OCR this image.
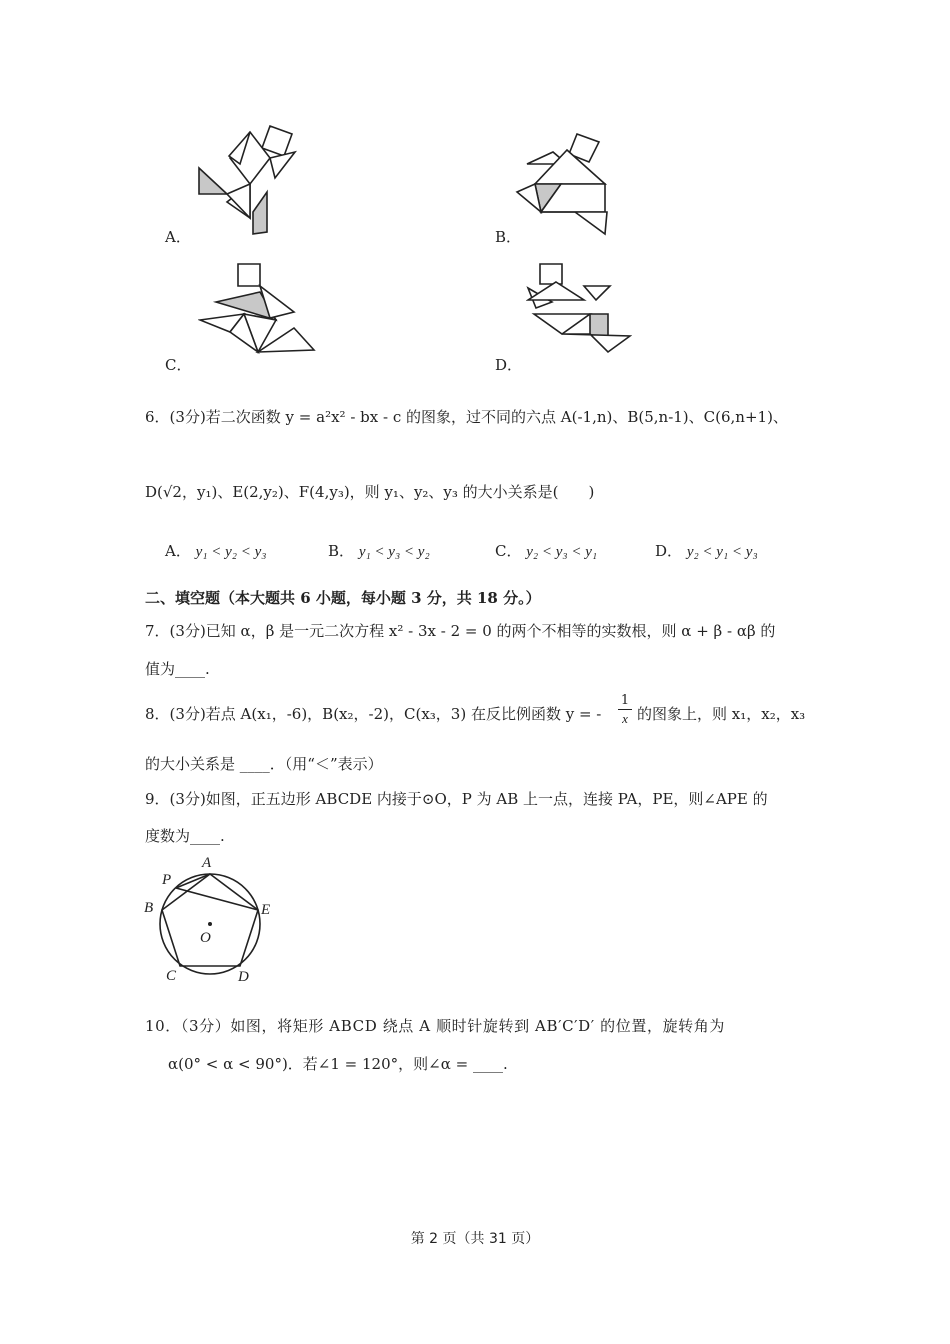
A．	B．
C．	D．
6．(3分)若二次函数 y = a²x² - bx - c 的图象，过不同的六点 A(-1,n)、B(5,n-1)、C(6,n+1)、
D(√2，y₁)、E(2,y₂)、F(4,y₃)，则 y₁、y₂、y₃ 的大小关系是(　　)
A． y₁ < y₂ < y₃	B． y₁ < y₃ < y₂	C． y₂ < y₃ < y₁	D． y₂ < y₁ < y₃
二、填空题（本大题共 6 小题，每小题 3 分，共 18 分。）
7．(3分)已知 α，β 是一元二次方程 x² - 3x - 2 = 0 的两个不相等的实数根，则 α + β - αβ 的
值为____.
8．(3分)若点 A(x₁，-6)，B(x₂，-2)，C(x₃，3) 在反比例函数 y = -
1
x 的图象上，则 x₁，x₂，x₃
的大小关系是 ____．（用“＜”表示）
9．(3分)如图，正五边形 ABCDE 内接于⊙O，P 为 AB 上一点，连接 PA，PE，则∠APE 的
度数为____.
A
P
B	E
O
C	D
10．（3分）如图，将矩形 ABCD 绕点 A 顺时针旋转到 AB′C′D′ 的位置，旋转角为
α(0° < α < 90°)．若∠1 = 120°，则∠α = ____.
第 2 页（共 31 页）
